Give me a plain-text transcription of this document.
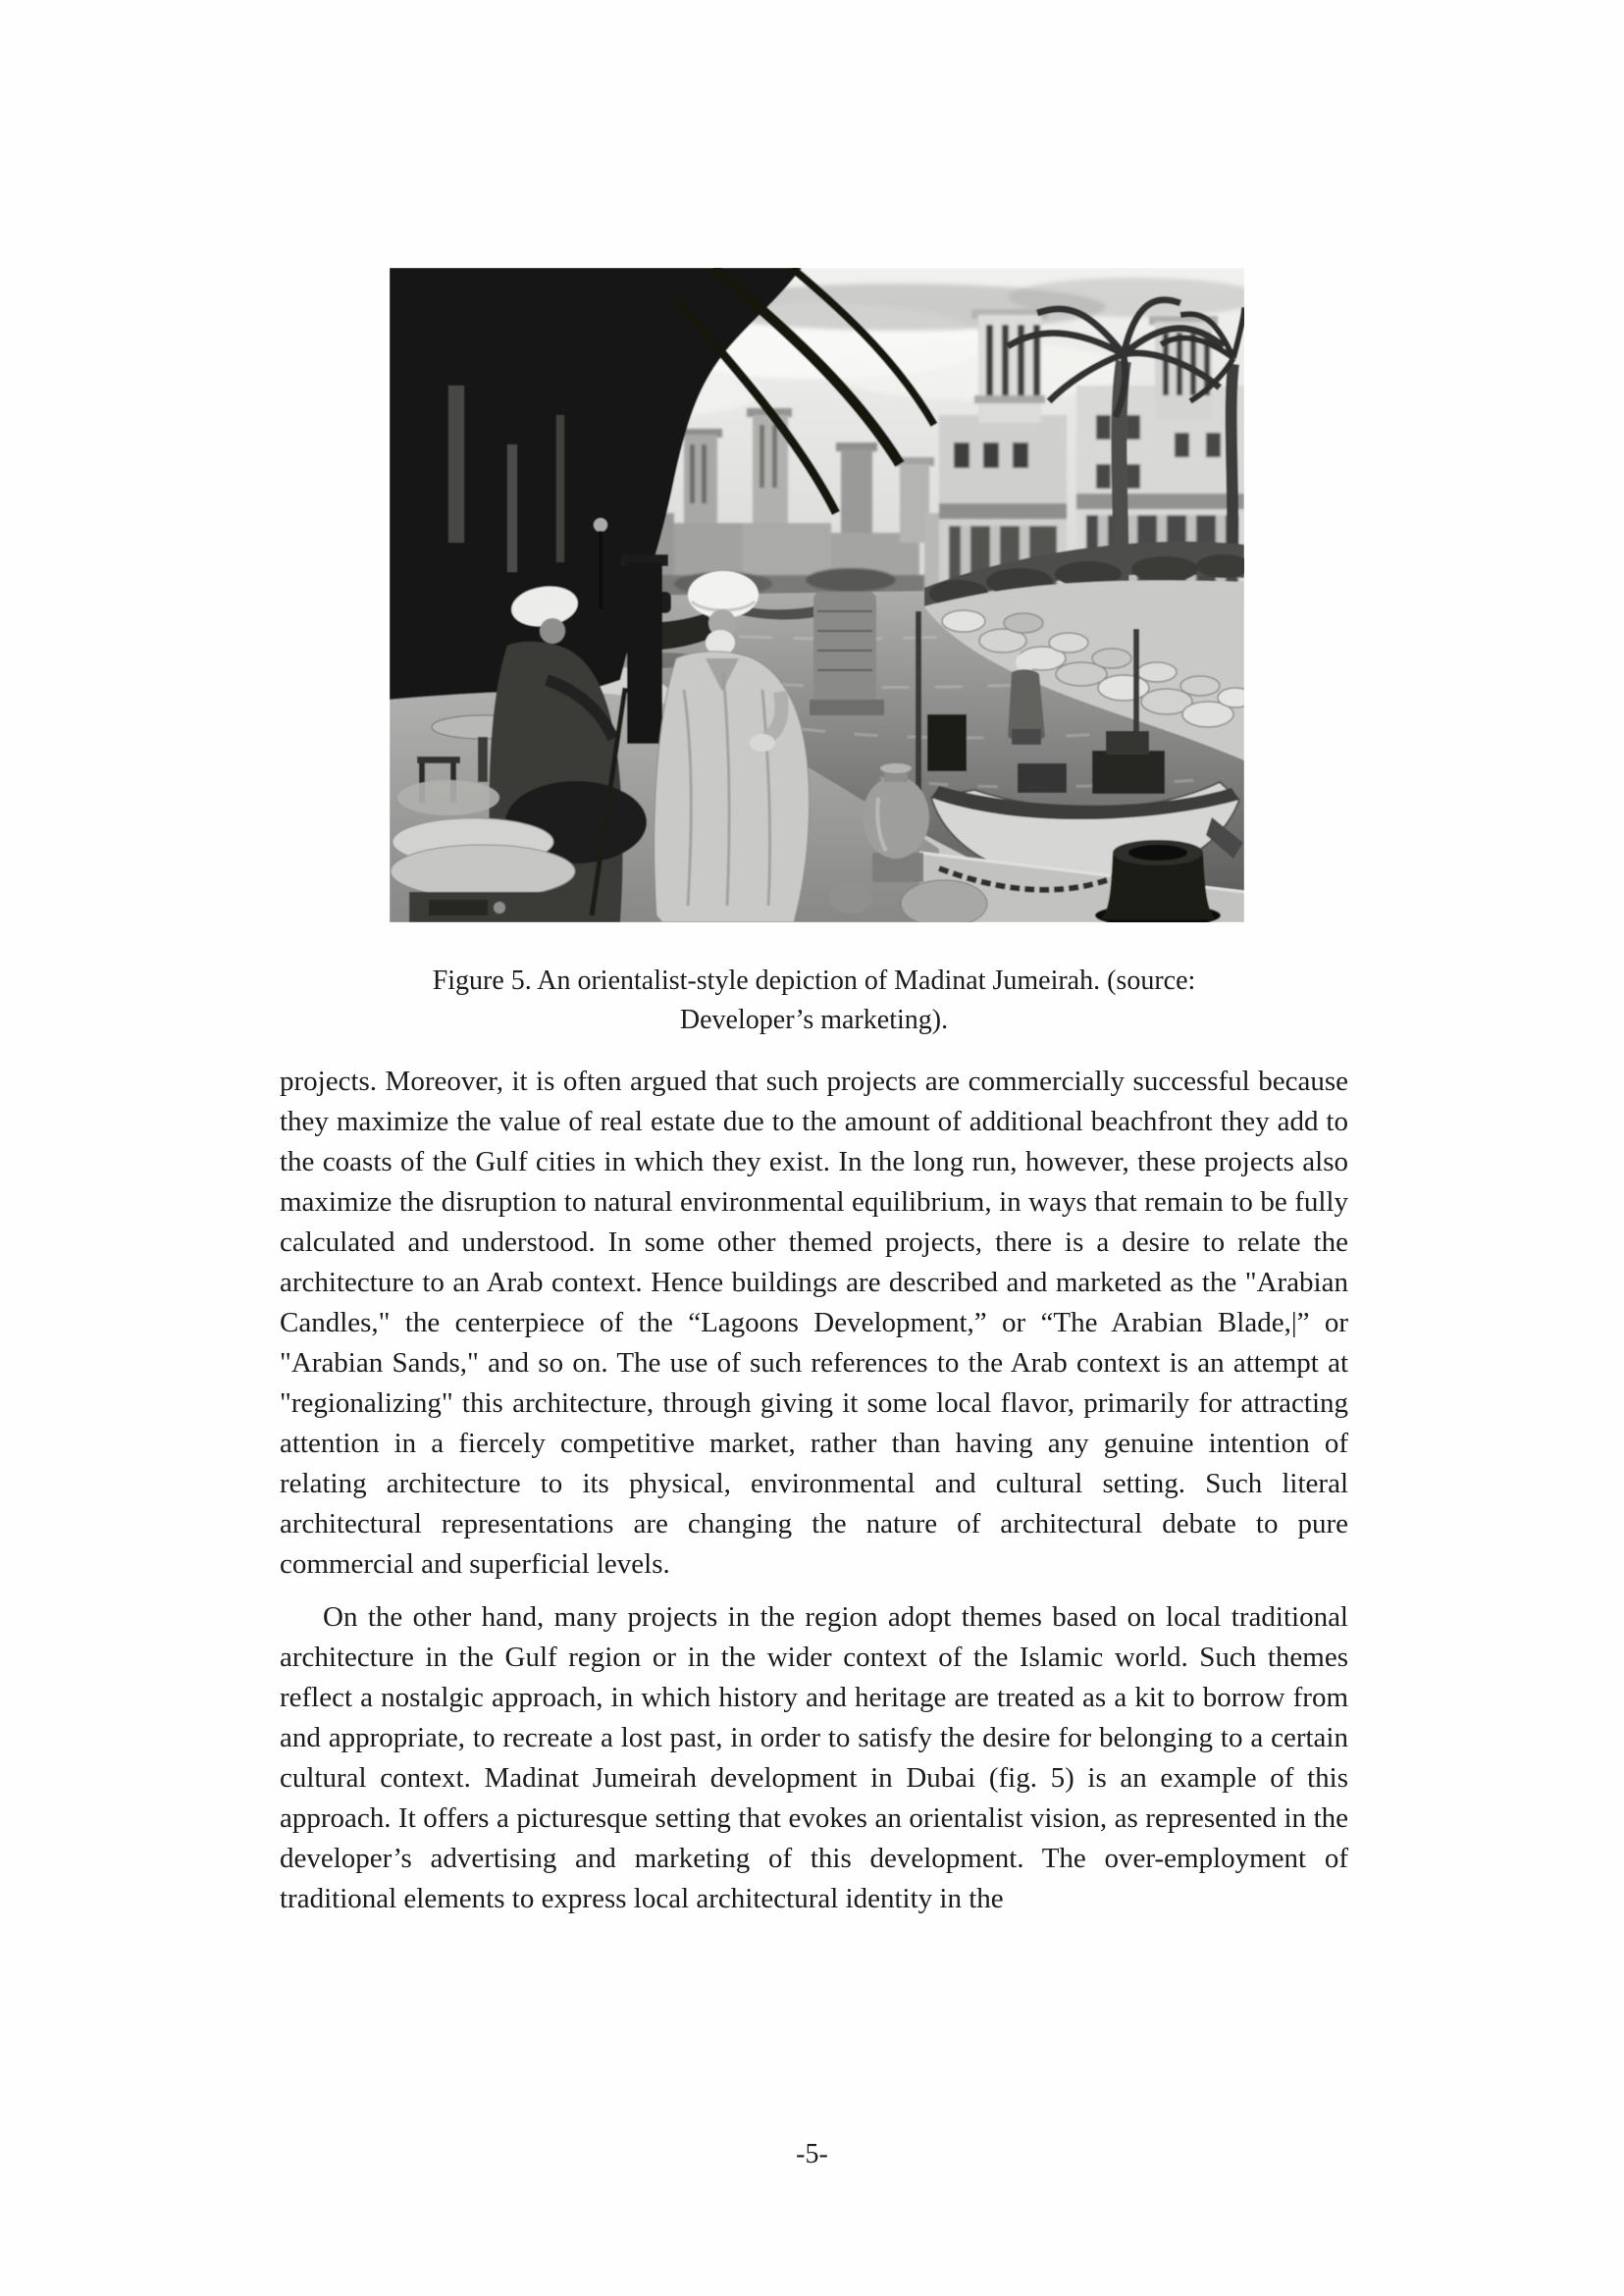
Figure 5. An orientalist-style depiction of Madinat Jumeirah. (source:
Developer’s marketing).

projects. Moreover, it is often argued that such projects are commercially successful because they maximize the value of real estate due to the amount of additional beachfront they add to the coasts of the Gulf cities in which they exist. In the long run, however, these projects also maximize the disruption to natural environmental equilibrium, in ways that remain to be fully calculated and understood. In some other themed projects, there is a desire to relate the architecture to an Arab context. Hence buildings are described and marketed as the "Arabian Candles," the centerpiece of the “Lagoons Development,” or “The Arabian Blade,|” or "Arabian Sands," and so on. The use of such references to the Arab context is an attempt at "regionalizing" this architecture, through giving it some local flavor, primarily for attracting attention in a fiercely competitive market, rather than having any genuine intention of relating architecture to its physical, environmental and cultural setting. Such literal architectural representations are changing the nature of architectural debate to pure commercial and superficial levels.

On the other hand, many projects in the region adopt themes based on local traditional architecture in the Gulf region or in the wider context of the Islamic world. Such themes reflect a nostalgic approach, in which history and heritage are treated as a kit to borrow from and appropriate, to recreate a lost past, in order to satisfy the desire for belonging to a certain cultural context. Madinat Jumeirah development in Dubai (fig. 5) is an example of this approach. It offers a picturesque setting that evokes an orientalist vision, as represented in the developer’s advertising and marketing of this development. The over-employment of traditional elements to express local architectural identity in the

-5-
